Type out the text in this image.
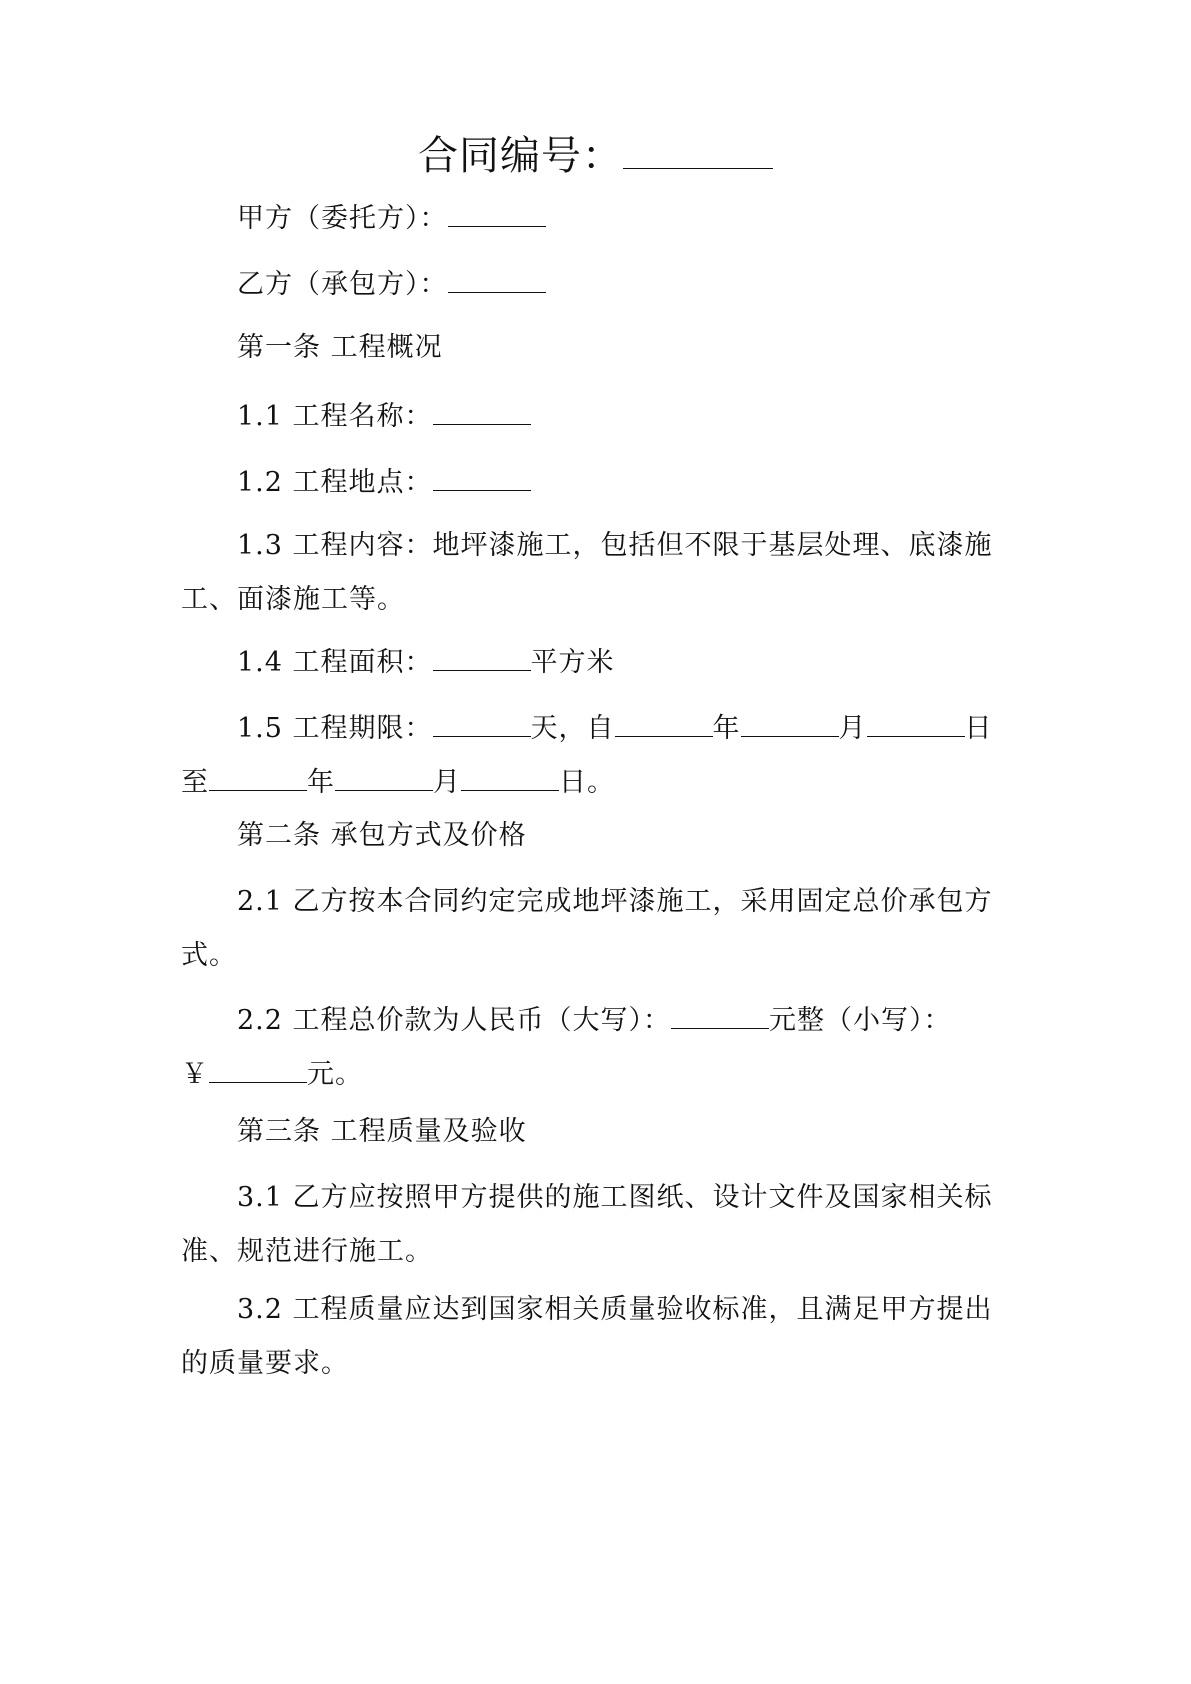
合同编号：
甲方（委托方）：
乙方（承包方）：
第一条 工程概况
1.1 工程名称：
1.2 工程地点：
1.3 工程内容：地坪漆施工，包括但不限于基层处理、底漆施
工、面漆施工等。
1.4 工程面积：	平方米
1.5 工程期限：	天，自	年	月	日
至	年	月	日。
第二条 承包方式及价格
2.1 乙方按本合同约定完成地坪漆施工，采用固定总价承包方
式。
2.2 工程总价款为人民币（大写）：	元整（小写）：
￥	元。
第三条 工程质量及验收
3.1 乙方应按照甲方提供的施工图纸、设计文件及国家相关标
准、规范进行施工。
3.2 工程质量应达到国家相关质量验收标准，且满足甲方提出
的质量要求。
